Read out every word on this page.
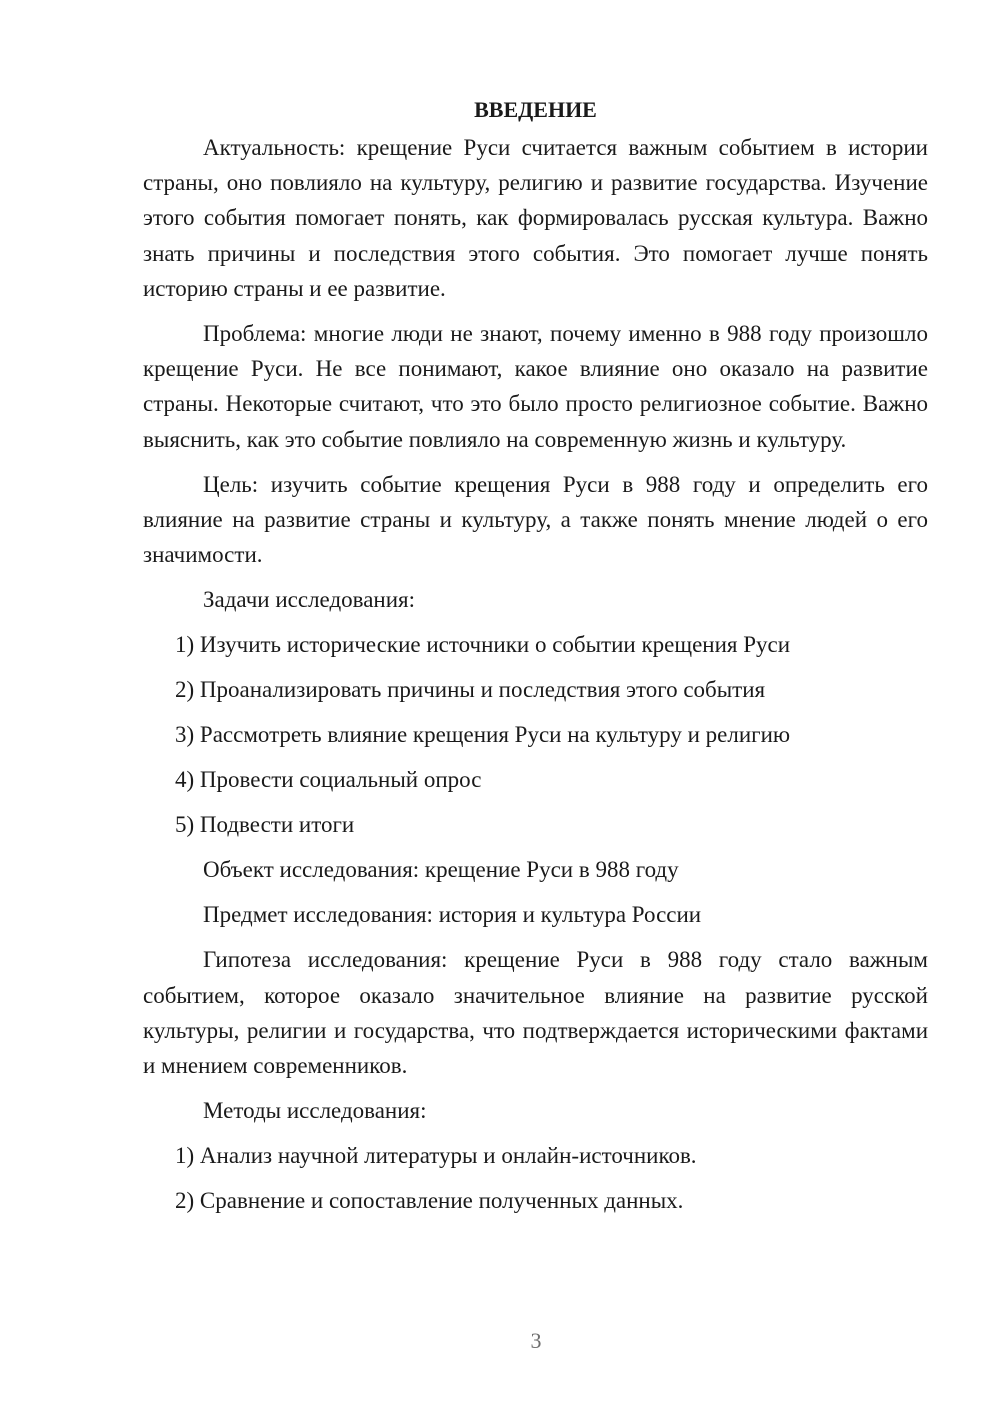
ВВЕДЕНИЕ

Актуальность: крещение Руси считается важным событием в истории страны, оно повлияло на культуру, религию и развитие государства. Изучение этого события помогает понять, как формировалась русская культура. Важно знать причины и последствия этого события. Это помогает лучше понять историю страны и ее развитие.

Проблема: многие люди не знают, почему именно в 988 году произошло крещение Руси. Не все понимают, какое влияние оно оказало на развитие страны. Некоторые считают, что это было просто религиозное событие. Важно выяснить, как это событие повлияло на современную жизнь и культуру.

Цель: изучить событие крещения Руси в 988 году и определить его влияние на развитие страны и культуру, а также понять мнение людей о его значимости.

Задачи исследования:
1) Изучить исторические источники о событии крещения Руси
2) Проанализировать причины и последствия этого события
3) Рассмотреть влияние крещения Руси на культуру и религию
4) Провести социальный опрос
5) Подвести итоги
Объект исследования: крещение Руси в 988 году
Предмет исследования: история и культура России

Гипотеза исследования: крещение Руси в 988 году стало важным событием, которое оказало значительное влияние на развитие русской культуры, религии и государства, что подтверждается историческими фактами и мнением современников.

Методы исследования:
1) Анализ научной литературы и онлайн-источников.
2) Сравнение и сопоставление полученных данных.
3
